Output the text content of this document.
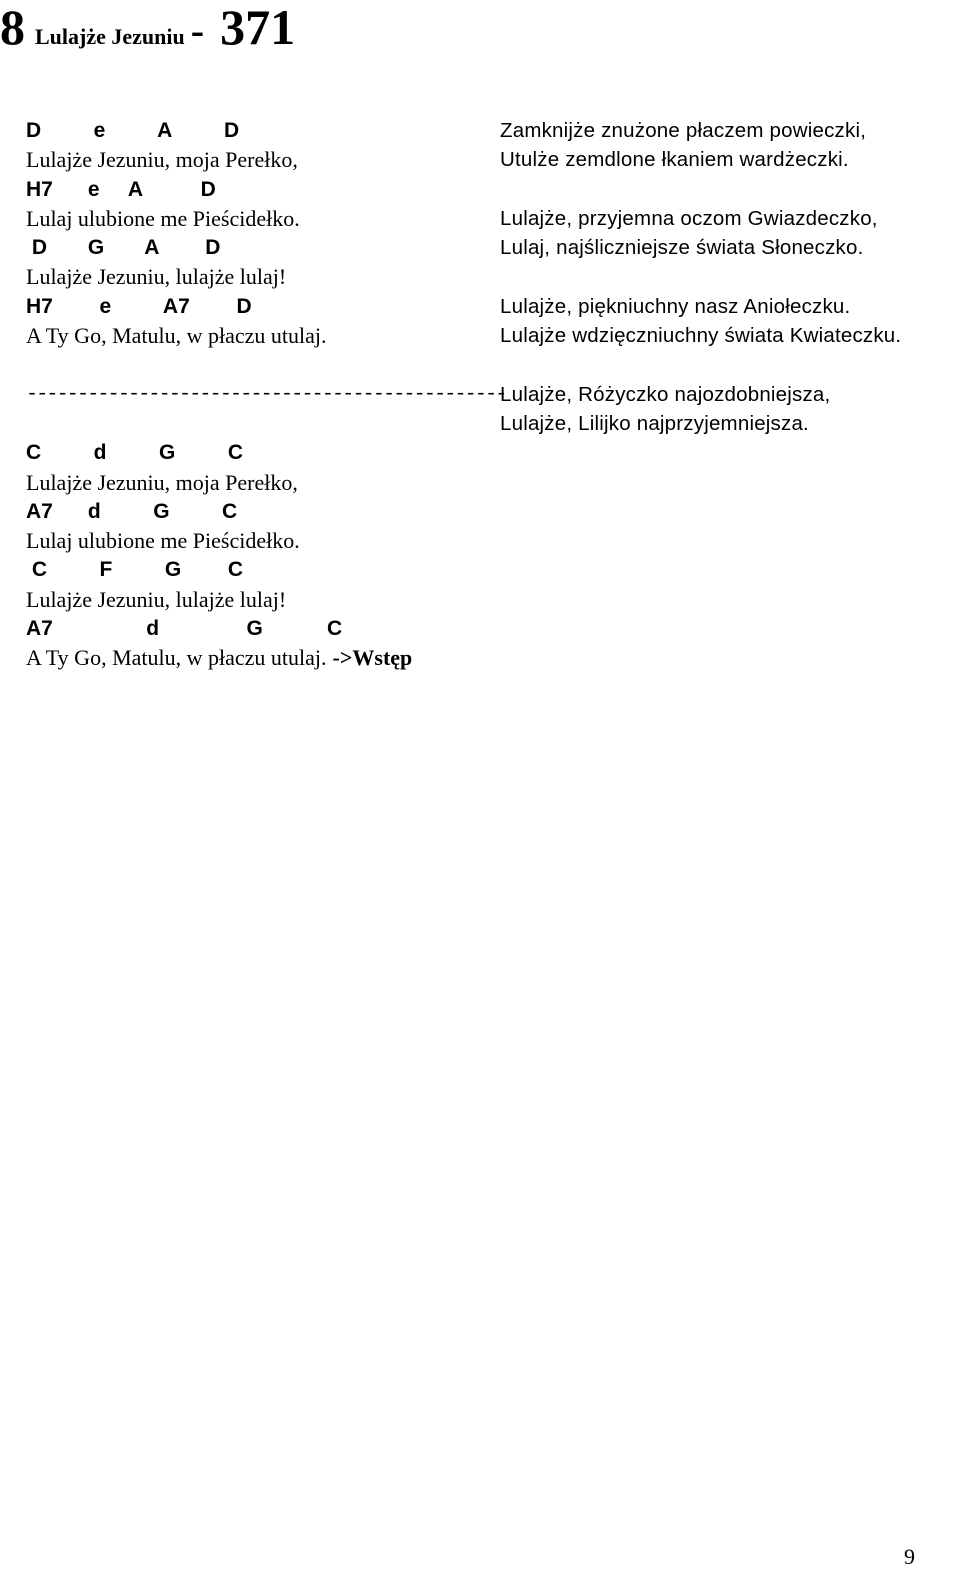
8 Lulajże Jezuniu - 371
D         e         A         D
Lulajże Jezuniu, moja Perełko,
H7      e     A          D
Lulaj ulubione me Pieścidełko.
D       G       A        D
Lulajże Jezuniu, lulajże lulaj!
H7        e         A7        D
A Ty Go, Matulu, w płaczu utulaj.
-----------------------------------------------
C         d         G         C
Lulajże Jezuniu, moja Perełko,
A7      d         G         C
Lulaj ulubione me Pieścidełko.
C         F         G        C
Lulajże Jezuniu, lulajże lulaj!
A7                d               G           C
A Ty Go, Matulu, w płaczu utulaj. ->Wstęp
Zamknijże znużone płaczem powieczki,
Utulże zemdlone łkaniem wardżeczki.
Lulajże, przyjemna oczom Gwiazdeczko,
Lulaj, najśliczniejsze świata Słoneczko.
Lulajże, piękniuchny nasz Aniołeczku.
Lulajże wdzięczniuchny świata Kwiateczku.
Lulajże, Różyczko najozdobniejsza,
Lulajże, Lilijko najprzyjemniejsza.
9
